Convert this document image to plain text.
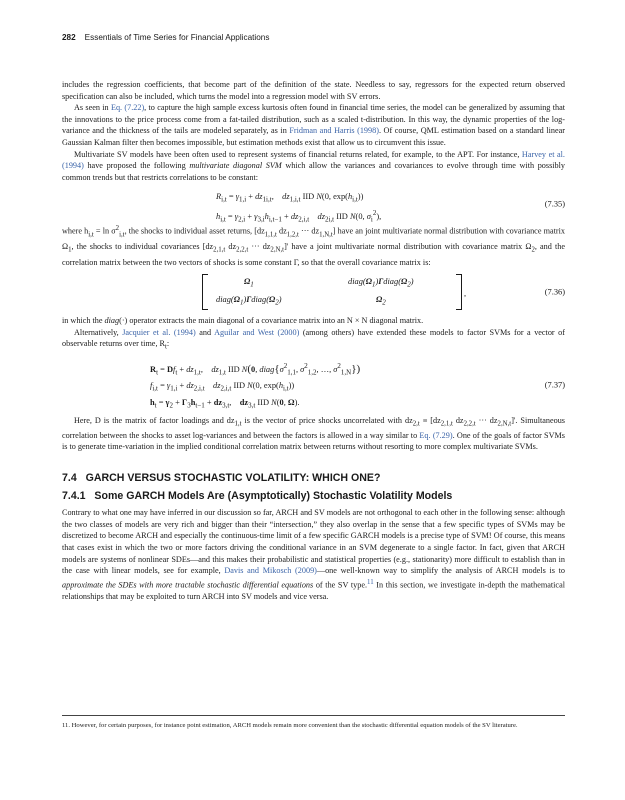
282 Essentials of Time Series for Financial Applications

includes the regression coefficients, that become part of the definition of the state. Needless to say, regressors for the expected return observed specification can also be included, which turns the model into a regression model with SV errors.

As seen in Eq. (7.22), to capture the high sample excess kurtosis often found in financial time series, the model can be generalized by assuming that the innovations to the price process come from a fat-tailed distribution, such as a scaled t-distribution. In this way, the dynamic properties of the log-variance and the thickness of the tails are modeled separately, as in Fridman and Harris (1998). Of course, QML estimation based on a standard linear Gaussian Kalman filter then becomes impossible, but estimation methods exist that allow us to circumvent this issue.

Multivariate SV models have been often used to represent systems of financial returns related, for example, to the APT. For instance, Harvey et al. (1994) have proposed the following multivariate diagonal SVM which allow the variances and covariances to evolve through time with possibly common trends but that restricts correlations to be constant:

$R_{i,t} = \gamma_{1,i} + dz_{1i,t}$,    $dz_{1,i,t}$ IID N(0, $\exp(h_{i,t})$)
$h_{i,t} = \gamma_{2,i} + \gamma_{3,i}h_{i,t-1} + dz_{2,i,t}$ $dz_{2i,t}$ IID N(0, $\sigma_i^2$),
(7.35)

where $h_{i,t} = \ln \sigma^2_{i,t}$, the shocks to individual asset returns, [$dz_{1,1,t}$ $dz_{1,2,t}$ ··· $dz_{1,N,t}$] have an joint multivariate normal distribution with covariance matrix $\Omega_1$, the shocks to individual covariances [$dz_{2,1,t}$ $dz_{2,2,t}$ ··· $dz_{2,N,t}]'$ have a joint multivariate normal distribution with covariance matrix $\Omega_2$, and the correlation matrix between the two vectors of shocks is some constant Γ, so that the overall covariance matrix is:

$\Omega_1$	$diag(\Omega_1)\Gamma diag(\Omega_2)$
$diag(\Omega_1)\Gamma diag(\Omega_2)$	$\Omega_2$
,	(7.36)

in which the diag(·) operator extracts the main diagonal of a covariance matrix into an N × N diagonal matrix.

Alternatively, Jacquier et al. (1994) and Aguilar and West (2000) (among others) have extended these models to factor SVMs for a vector of observable returns over time, $R_t$:

$R_t = Df_t + dz_{1,t}$,    $dz_{1,t}$ IID N(0, $diag\{\sigma^2_{1,1}$, $\sigma^2_{1,2}$, …, $\sigma^2_{1,N}$})
$f_{i,t} = \gamma_{1,i} + dz_{2,i,t}$ $dz_{2,i,t}$ IID N(0, $\exp(h_{i,t})$)
$h_t = \gamma_2 + \Gamma_3h_{t-1} + dz_{3,t}$,    $dz_{3,t}$ IID N(0, Ω).
(7.37)

Here, D is the matrix of factor loadings and $dz_{1,t}$ is the vector of price shocks uncorrelated with $dz_{2,t} \equiv [dz_{2,1,t}$ $dz_{2,2,t}$ ··· $dz_{2,N,t}]'$. Simultaneous correlation between the shocks to asset log-variances and between the factors is allowed in a way similar to Eq. (7.29). One of the goals of factor SVMs is to generate time-variation in the implied conditional correlation matrix between returns without resorting to more complex multivariate SVMs.

7.4 GARCH VERSUS STOCHASTIC VOLATILITY: WHICH ONE?
7.4.1 Some GARCH Models Are (Asymptotically) Stochastic Volatility Models

Contrary to what one may have inferred in our discussion so far, ARCH and SV models are not orthogonal to each other in the following sense: although the two classes of models are very rich and bigger than their “intersection,” they also overlap in the sense that a few specific types of SVMs may be discretized to become ARCH and especially the continuous-time limit of a few specific GARCH models is a precise type of SVM! Of course, this means that cases exist in which the two or more factors driving the conditional variance in an SVM degenerate to a single factor. In fact, given that ARCH models are systems of nonlinear SDEs—and this makes their probabilistic and statistical properties (e.g., stationarity) more difficult to establish than in the case with linear models, see for example, Davis and Mikosch (2009)—one well-known way to simplify the analysis of ARCH models is to approximate the SDEs with more tractable stochastic differential equations of the SV type.$^{11}$ In this section, we investigate in-depth the mathematical relationships that may be exploited to turn ARCH into SV models and vice versa.

11. However, for certain purposes, for instance point estimation, ARCH models remain more convenient than the stochastic differential equation models of the SV literature.
